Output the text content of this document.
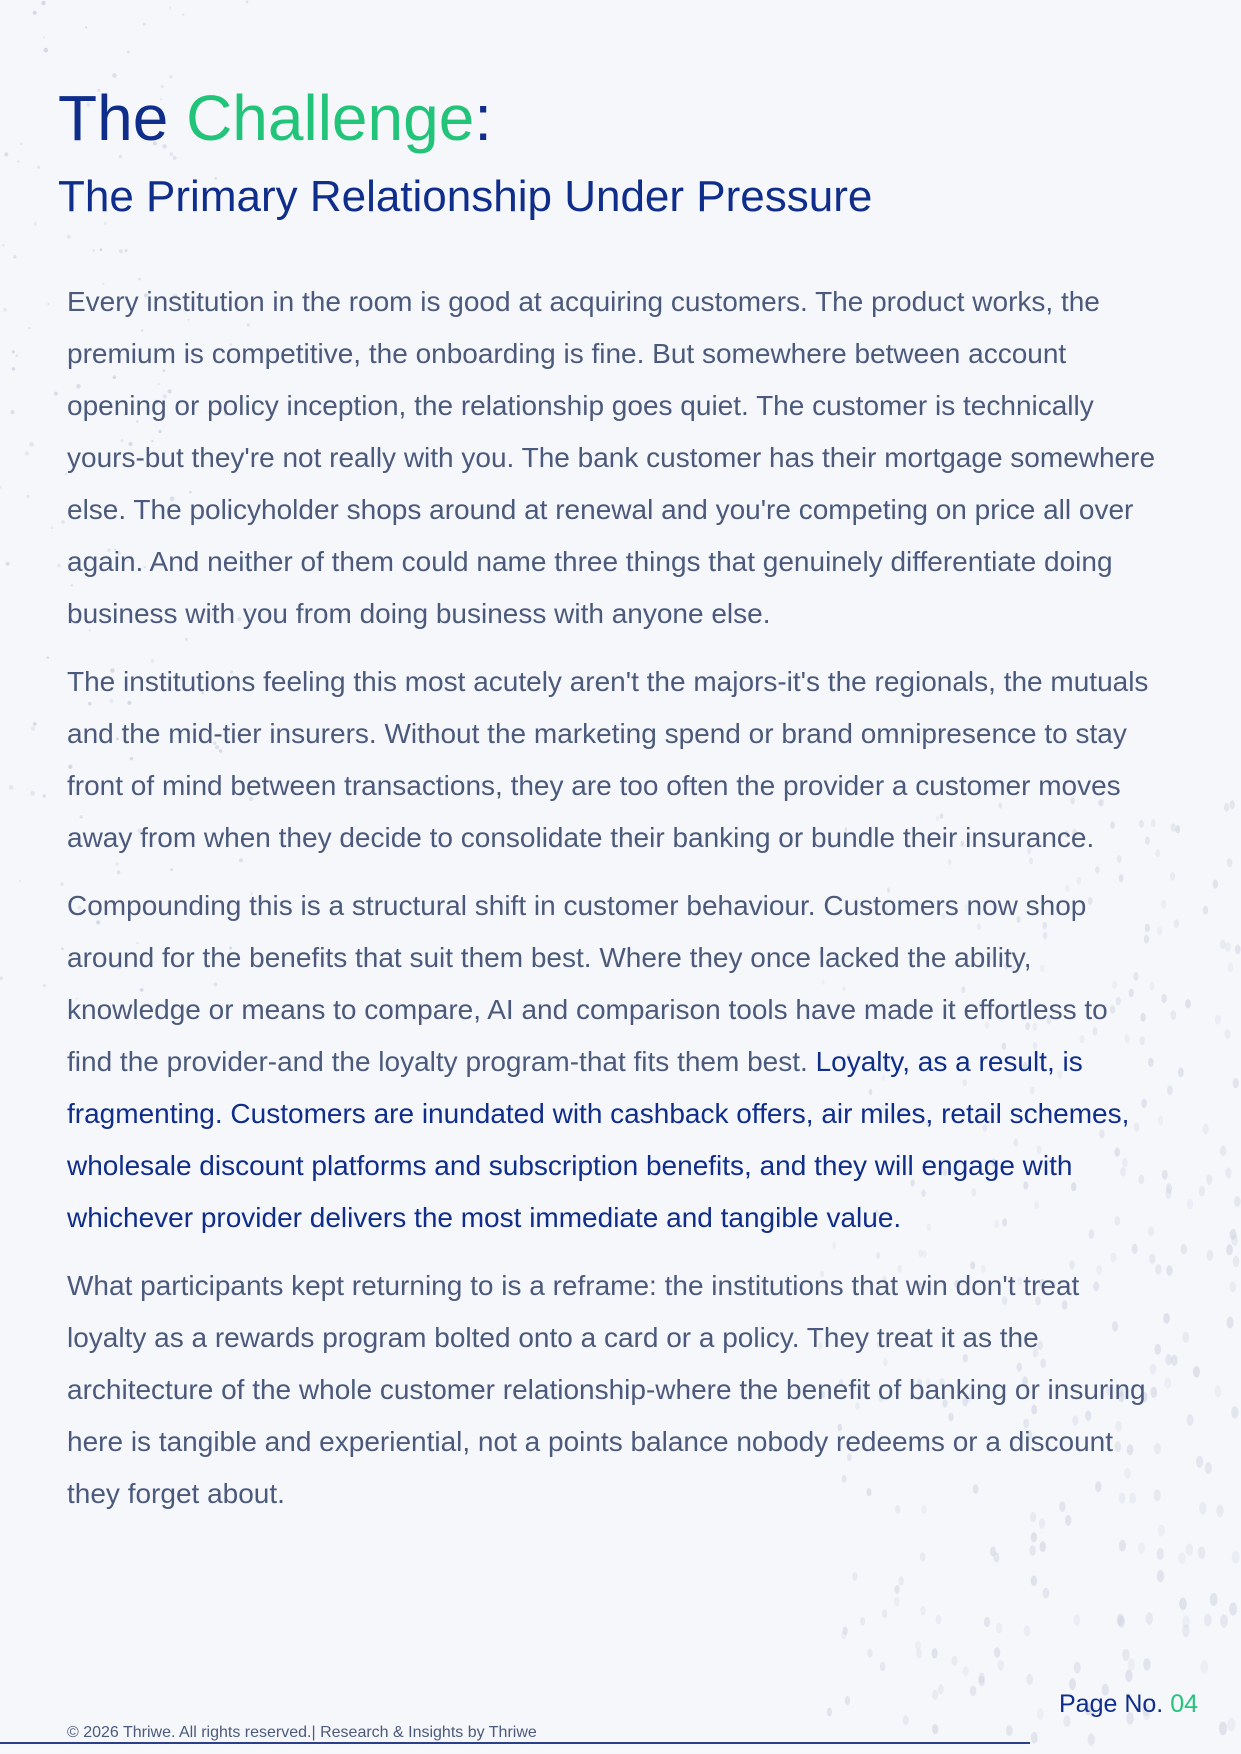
The Challenge:
The Primary Relationship Under Pressure

Every institution in the room is good at acquiring customers. The product works, the premium is competitive, the onboarding is fine. But somewhere between account opening or policy inception, the relationship goes quiet. The customer is technically yours-but they're not really with you. The bank customer has their mortgage somewhere else. The policyholder shops around at renewal and you're competing on price all over again. And neither of them could name three things that genuinely differentiate doing business with you from doing business with anyone else.

The institutions feeling this most acutely aren't the majors-it's the regionals, the mutuals and the mid-tier insurers. Without the marketing spend or brand omnipresence to stay front of mind between transactions, they are too often the provider a customer moves away from when they decide to consolidate their banking or bundle their insurance.

Compounding this is a structural shift in customer behaviour. Customers now shop around for the benefits that suit them best. Where they once lacked the ability, knowledge or means to compare, AI and comparison tools have made it effortless to find the provider-and the loyalty program-that fits them best. Loyalty, as a result, is fragmenting. Customers are inundated with cashback offers, air miles, retail schemes, wholesale discount platforms and subscription benefits, and they will engage with whichever provider delivers the most immediate and tangible value.

What participants kept returning to is a reframe: the institutions that win don't treat loyalty as a rewards program bolted onto a card or a policy. They treat it as the architecture of the whole customer relationship-where the benefit of banking or insuring here is tangible and experiential, not a points balance nobody redeems or a discount they forget about.

Page No. 04
© 2026 Thriwe. All rights reserved.| Research & Insights by Thriwe
